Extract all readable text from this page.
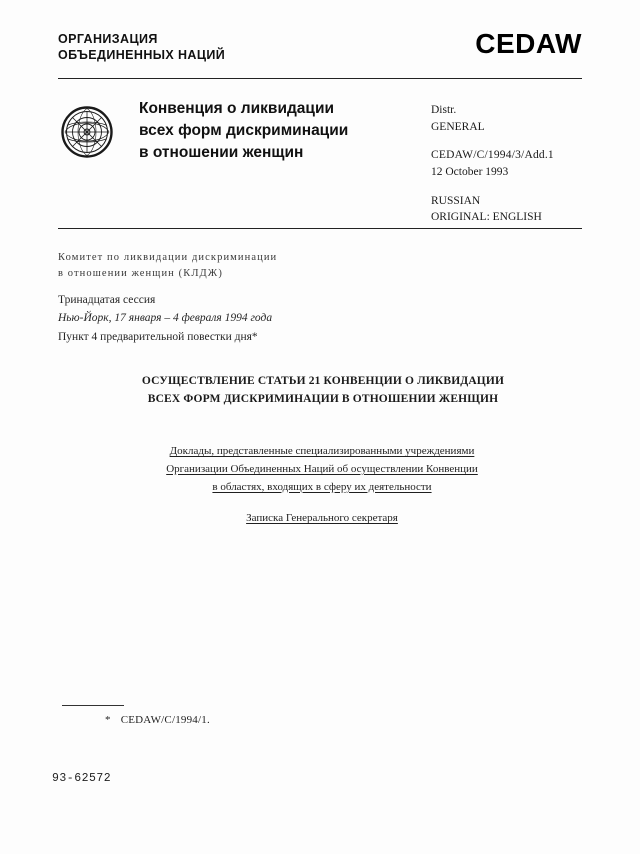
ОРГАНИЗАЦИЯ
ОБЪЕДИНЕННЫХ НАЦИЙ	CEDAW
Конвенция о ликвидации
всех форм дискриминации
в отношении женщин
Distr.
GENERAL
CEDAW/C/1994/3/Add.1
12 October 1993
RUSSIAN
ORIGINAL: ENGLISH
Комитет по ликвидации дискриминации
в отношении женщин (КЛДЖ)
Тринадцатая сессия
Нью-Йорк, 17 января – 4 февраля 1994 года
Пункт 4 предварительной повестки дня*
ОСУЩЕСТВЛЕНИЕ СТАТЬИ 21 КОНВЕНЦИИ О ЛИКВИДАЦИИ
ВСЕХ ФОРМ ДИСКРИМИНАЦИИ В ОТНОШЕНИИ ЖЕНЩИН
Доклады, представленные специализированными учреждениями
Организации Объединенных Наций об осуществлении Конвенции
в областях, входящих в сферу их деятельности
Записка Генерального секретаря
* CEDAW/C/1994/1.
93-62572
